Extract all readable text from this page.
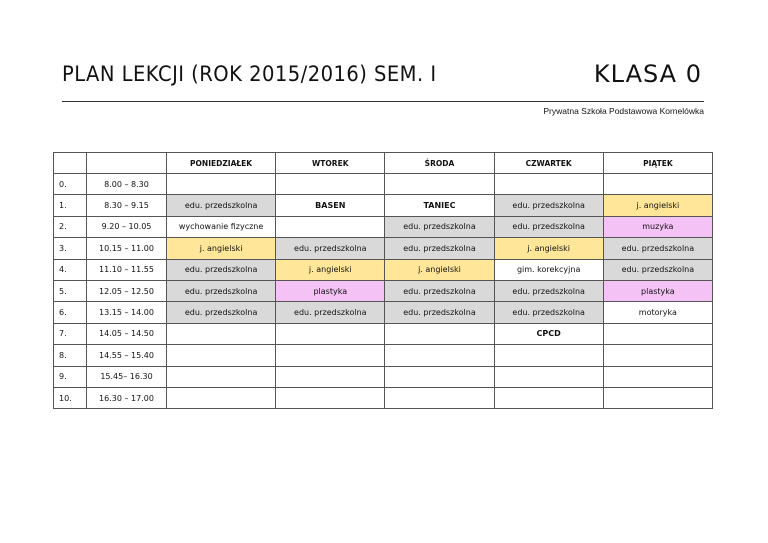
PLAN LEKCJI (ROK 2015/2016) SEM. I	KLASA 0
Prywatna Szkoła Podstawowa Kornelówka
		PONIEDZIAŁEK	WTOREK	ŚRODA	CZWARTEK	PIĄTEK
0.	8.00 – 8.30					
1.	8.30 – 9.15	edu. przedszkolna	BASEN	TANIEC	edu. przedszkolna	j. angielski
2.	9.20 – 10.05	wychowanie fizyczne		edu. przedszkolna	edu. przedszkolna	muzyka
3.	10.15 – 11.00	j. angielski	edu. przedszkolna	edu. przedszkolna	j. angielski	edu. przedszkolna
4.	11.10 – 11.55	edu. przedszkolna	j. angielski	j. angielski	gim. korekcyjna	edu. przedszkolna
5.	12.05 – 12.50	edu. przedszkolna	plastyka	edu. przedszkolna	edu. przedszkolna	plastyka
6.	13.15 – 14.00	edu. przedszkolna	edu. przedszkolna	edu. przedszkolna	edu. przedszkolna	motoryka
7.	14.05 – 14.50				CPCD	
8.	14.55 – 15.40					
9.	15.45– 16.30					
10.	16.30 – 17.00					
